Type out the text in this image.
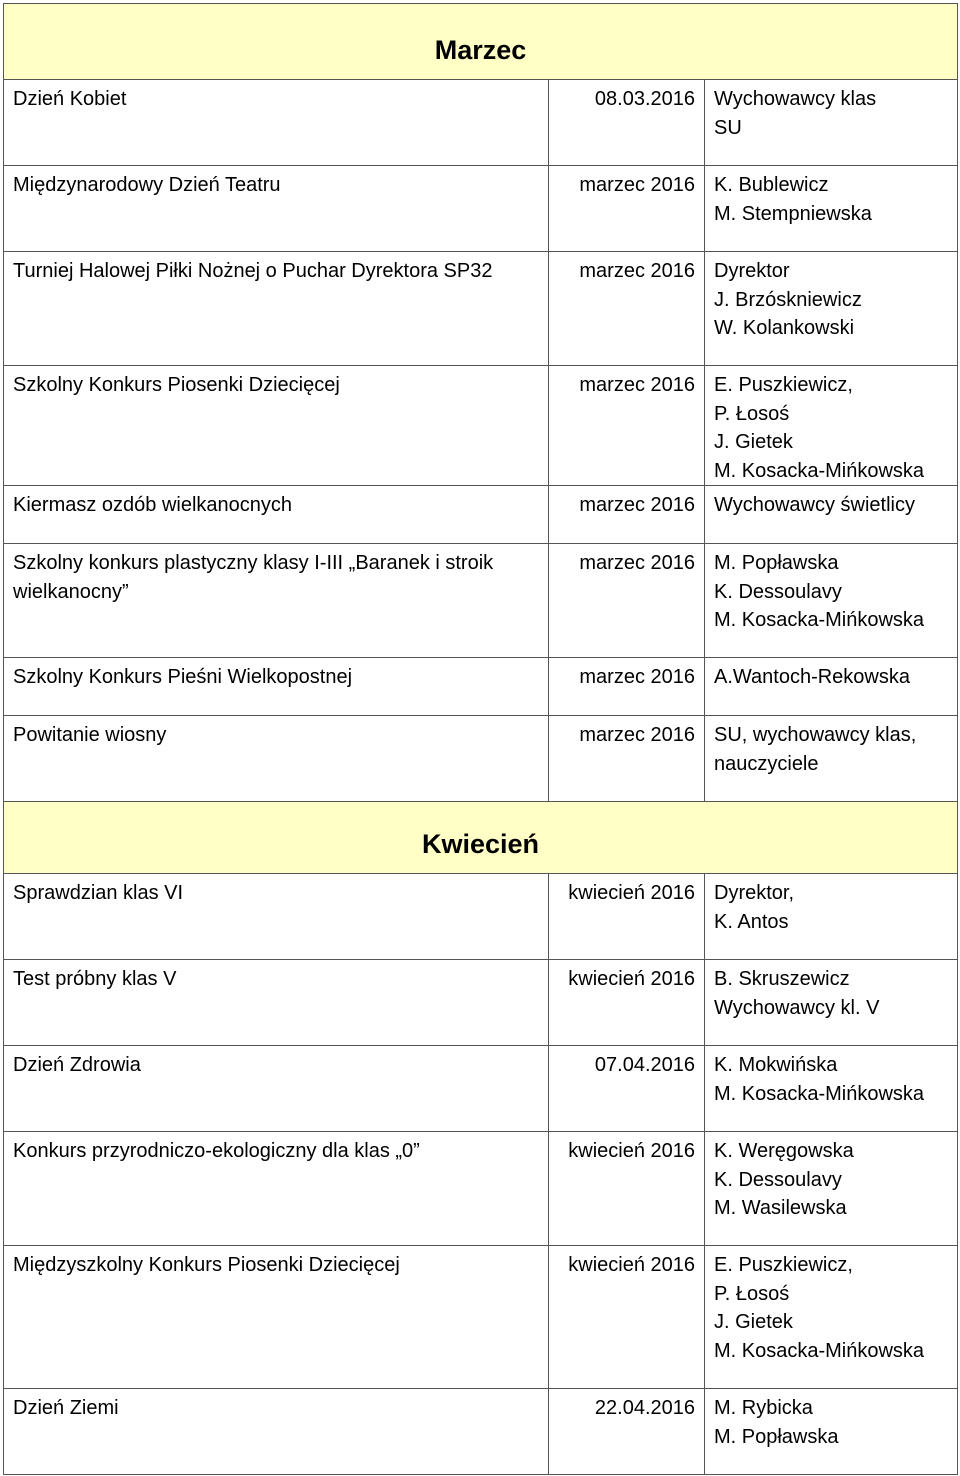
Marzec		

Dzień Kobiet	08.03.2016	Wychowawcy klas
SU

Międzynarodowy Dzień Teatru	marzec 2016	K. Bublewicz
M. Stempniewska

Turniej Halowej Piłki Nożnej o Puchar Dyrektora SP32	marzec 2016	Dyrektor
J. Brzóskniewicz
W. Kolankowski

Szkolny Konkurs Piosenki Dziecięcej	marzec 2016	E. Puszkiewicz,
P. Łosoś
J. Gietek
M. Kosacka-Mińkowska

Kiermasz ozdób wielkanocnych	marzec 2016	Wychowawcy świetlicy

Szkolny konkurs plastyczny klasy I-III „Baranek i stroik wielkanocny”	marzec 2016	M. Popławska
K. Dessoulavy
M. Kosacka-Mińkowska

Szkolny Konkurs Pieśni Wielkopostnej	marzec 2016	A.Wantoch-Rekowska

Powitanie wiosny	marzec 2016	SU, wychowawcy klas,
nauczyciele

Kwiecień		

Sprawdzian klas VI	kwiecień 2016	Dyrektor,
K. Antos

Test próbny klas V	kwiecień 2016	B. Skruszewicz
Wychowawcy kl. V

Dzień Zdrowia	07.04.2016	K. Mokwińska
M. Kosacka-Mińkowska

Konkurs przyrodniczo-ekologiczny dla klas „0”	kwiecień 2016	K. Weręgowska
K. Dessoulavy
M. Wasilewska

Międzyszkolny Konkurs Piosenki Dziecięcej	kwiecień 2016	E. Puszkiewicz,
P. Łosoś
J. Gietek
M. Kosacka-Mińkowska

Dzień Ziemi	22.04.2016	M. Rybicka
M. Popławska
